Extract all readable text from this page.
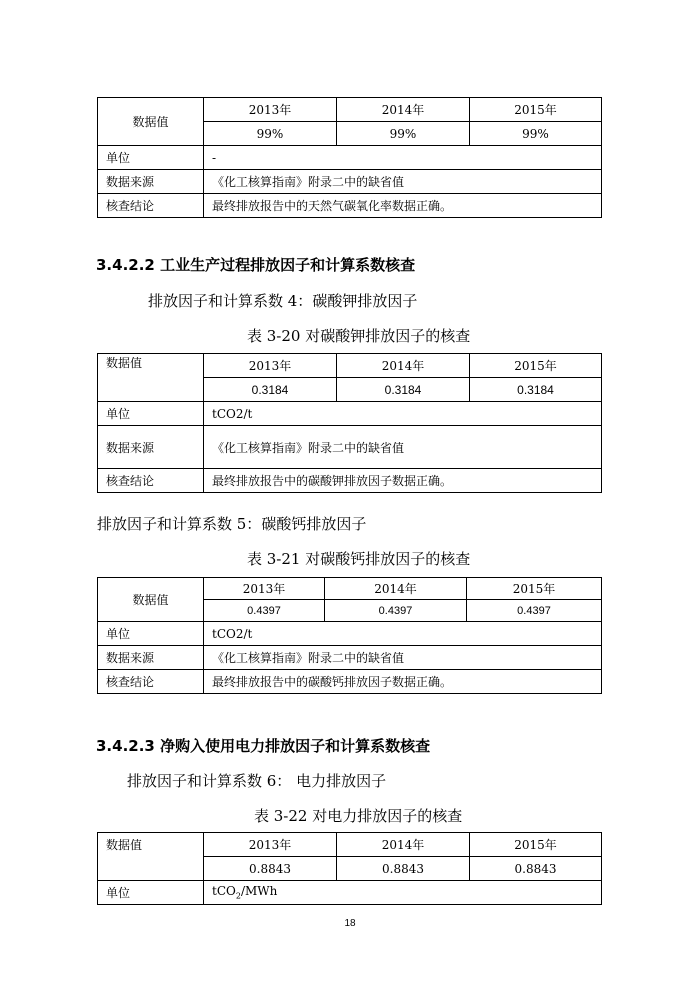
数据值	2013年	2014年	2015年
	99%	99%	99%
单位	-		
数据来源	《化工核算指南》附录二中的缺省值		
核查结论	最终排放报告中的天然气碳氧化率数据正确。		
3.4.2.2 工业生产过程排放因子和计算系数核查
排放因子和计算系数 4：碳酸钾排放因子
表 3-20 对碳酸钾排放因子的核查
数据值	2013年	2014年	2015年
	0.3184	0.3184	0.3184
单位	tCO2/t		
数据来源	《化工核算指南》附录二中的缺省值		
核查结论	最终排放报告中的碳酸钾排放因子数据正确。		
排放因子和计算系数 5：碳酸钙排放因子
表 3-21 对碳酸钙排放因子的核查
数据值	2013年	2014年	2015年
	0.4397	0.4397	0.4397
单位	tCO2/t		
数据来源	《化工核算指南》附录二中的缺省值		
核查结论	最终排放报告中的碳酸钙排放因子数据正确。		
3.4.2.3 净购入使用电力排放因子和计算系数核查
排放因子和计算系数 6： 电力排放因子
表 3-22 对电力排放因子的核查
数据值	2013年	2014年	2015年
	0.8843	0.8843	0.8843
单位	tCO$_2$/MWh		
18
